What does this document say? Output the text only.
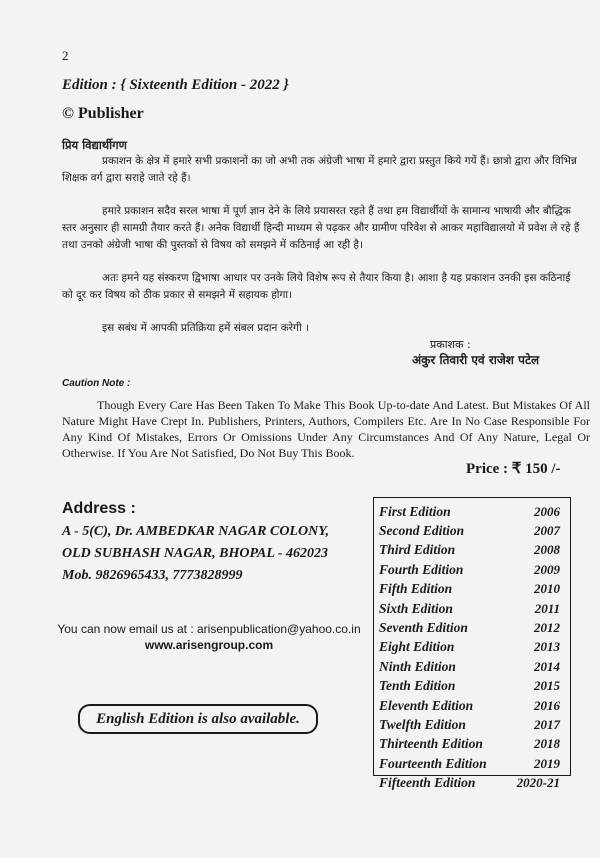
2
Edition : { Sixteenth Edition - 2022 }
© Publisher
प्रिय विद्यार्थीगण
प्रकाशन के क्षेत्र में हमारे सभी प्रकाशनों का जो अभी तक अंग्रेजी भाषा में हमारे द्वारा प्रस्तुत किये गयें हैं। छात्रो द्वारा और विभिन्न शिक्षक वर्ग द्वारा सराहे जाते रहे हैं।
हमारे प्रकाशन सदैव सरल भाषा में पूर्ण ज्ञान देने के लिये प्रयासरत रहते हैं तथा हम विद्यार्थीयों के सामान्य भाषायी और बौद्धिक स्तर अनुसार ही सामग्री तैयार करते हैं। अनेक विद्यार्थी हिन्दी माध्यम से पढ़कर और ग्रामीण परिवेश से आकर महाविद्यालयो में प्रवेश ले रहे हैं तथा उनको अंग्रेजी भाषा की पुस्तकों से विषय को समझने में कठिनाई आ रही है।
अतः हमने यह संस्करण द्विभाषा आधार पर उनके लिये विशेष रूप से तैयार किया है। आशा है यह प्रकाशन उनकी इस कठिनाई को दूर कर विषय को ठीक प्रकार से समझने में सहायक होगा।
इस सबंध में आपकी प्रतिक्रिया हमें संबल प्रदान करेगी ।
प्रकाशक :
अंकुर तिवारी एवं राजेश पटेल
Caution Note :
Though Every Care Has Been Taken To Make This Book Up-to-date And Latest. But Mistakes Of All Nature Might Have Crept In. Publishers, Printers, Authors, Compilers Etc. Are In No Case Responsible For Any Kind Of Mistakes, Errors Or Omissions Under Any Circumstances And Of Any Nature, Legal Or Otherwise. If You Are Not Satisfied, Do Not Buy This Book.
Price : ₹ 150 /-
Address :
A - 5(C), Dr. AMBEDKAR NAGAR COLONY,
OLD SUBHASH NAGAR, BHOPAL - 462023
Mob. 9826965433, 7773828999
You can now email us at : arisenpublication@yahoo.co.in
www.arisengroup.com
English Edition is also available.
First Edition	2006
Second Edition	2007
Third Edition	2008
Fourth Edition	2009
Fifth Edition	2010
Sixth Edition	2011
Seventh Edition	2012
Eight Edition	2013
Ninth Edition	2014
Tenth Edition	2015
Eleventh Edition	2016
Twelfth Edition	2017
Thirteenth Edition	2018
Fourteenth Edition	2019
Fifteenth Edition	2020-21
